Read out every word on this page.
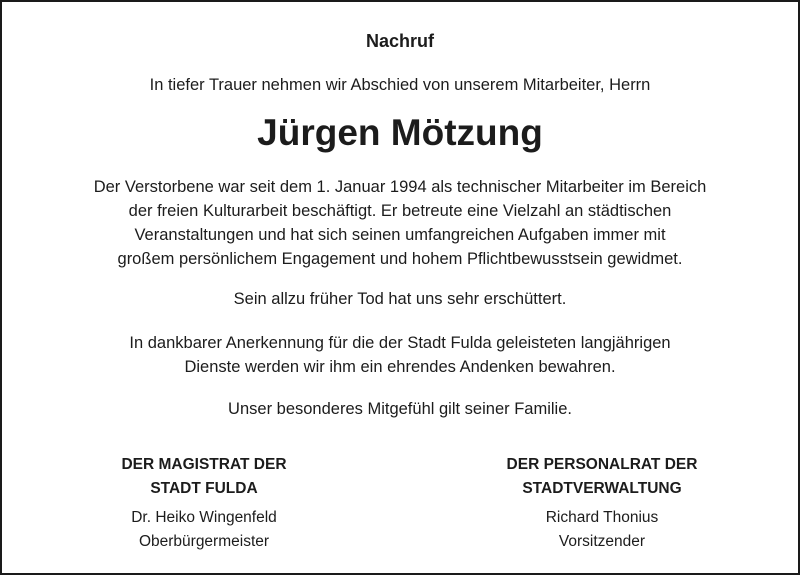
Nachruf
In tiefer Trauer nehmen wir Abschied von unserem Mitarbeiter, Herrn
Jürgen Mötzung
Der Verstorbene war seit dem 1. Januar 1994 als technischer Mitarbeiter im Bereich
der freien Kulturarbeit beschäftigt. Er betreute eine Vielzahl an städtischen
Veranstaltungen und hat sich seinen umfangreichen Aufgaben immer mit
großem persönlichem Engagement und hohem Pflichtbewusstsein gewidmet.
Sein allzu früher Tod hat uns sehr erschüttert.
In dankbarer Anerkennung für die der Stadt Fulda geleisteten langjährigen
Dienste werden wir ihm ein ehrendes Andenken bewahren.
Unser besonderes Mitgefühl gilt seiner Familie.
DER MAGISTRAT DER
STADT FULDA
Dr. Heiko Wingenfeld
Oberbürgermeister
DER PERSONALRAT DER
STADTVERWALTUNG
Richard Thonius
Vorsitzender
